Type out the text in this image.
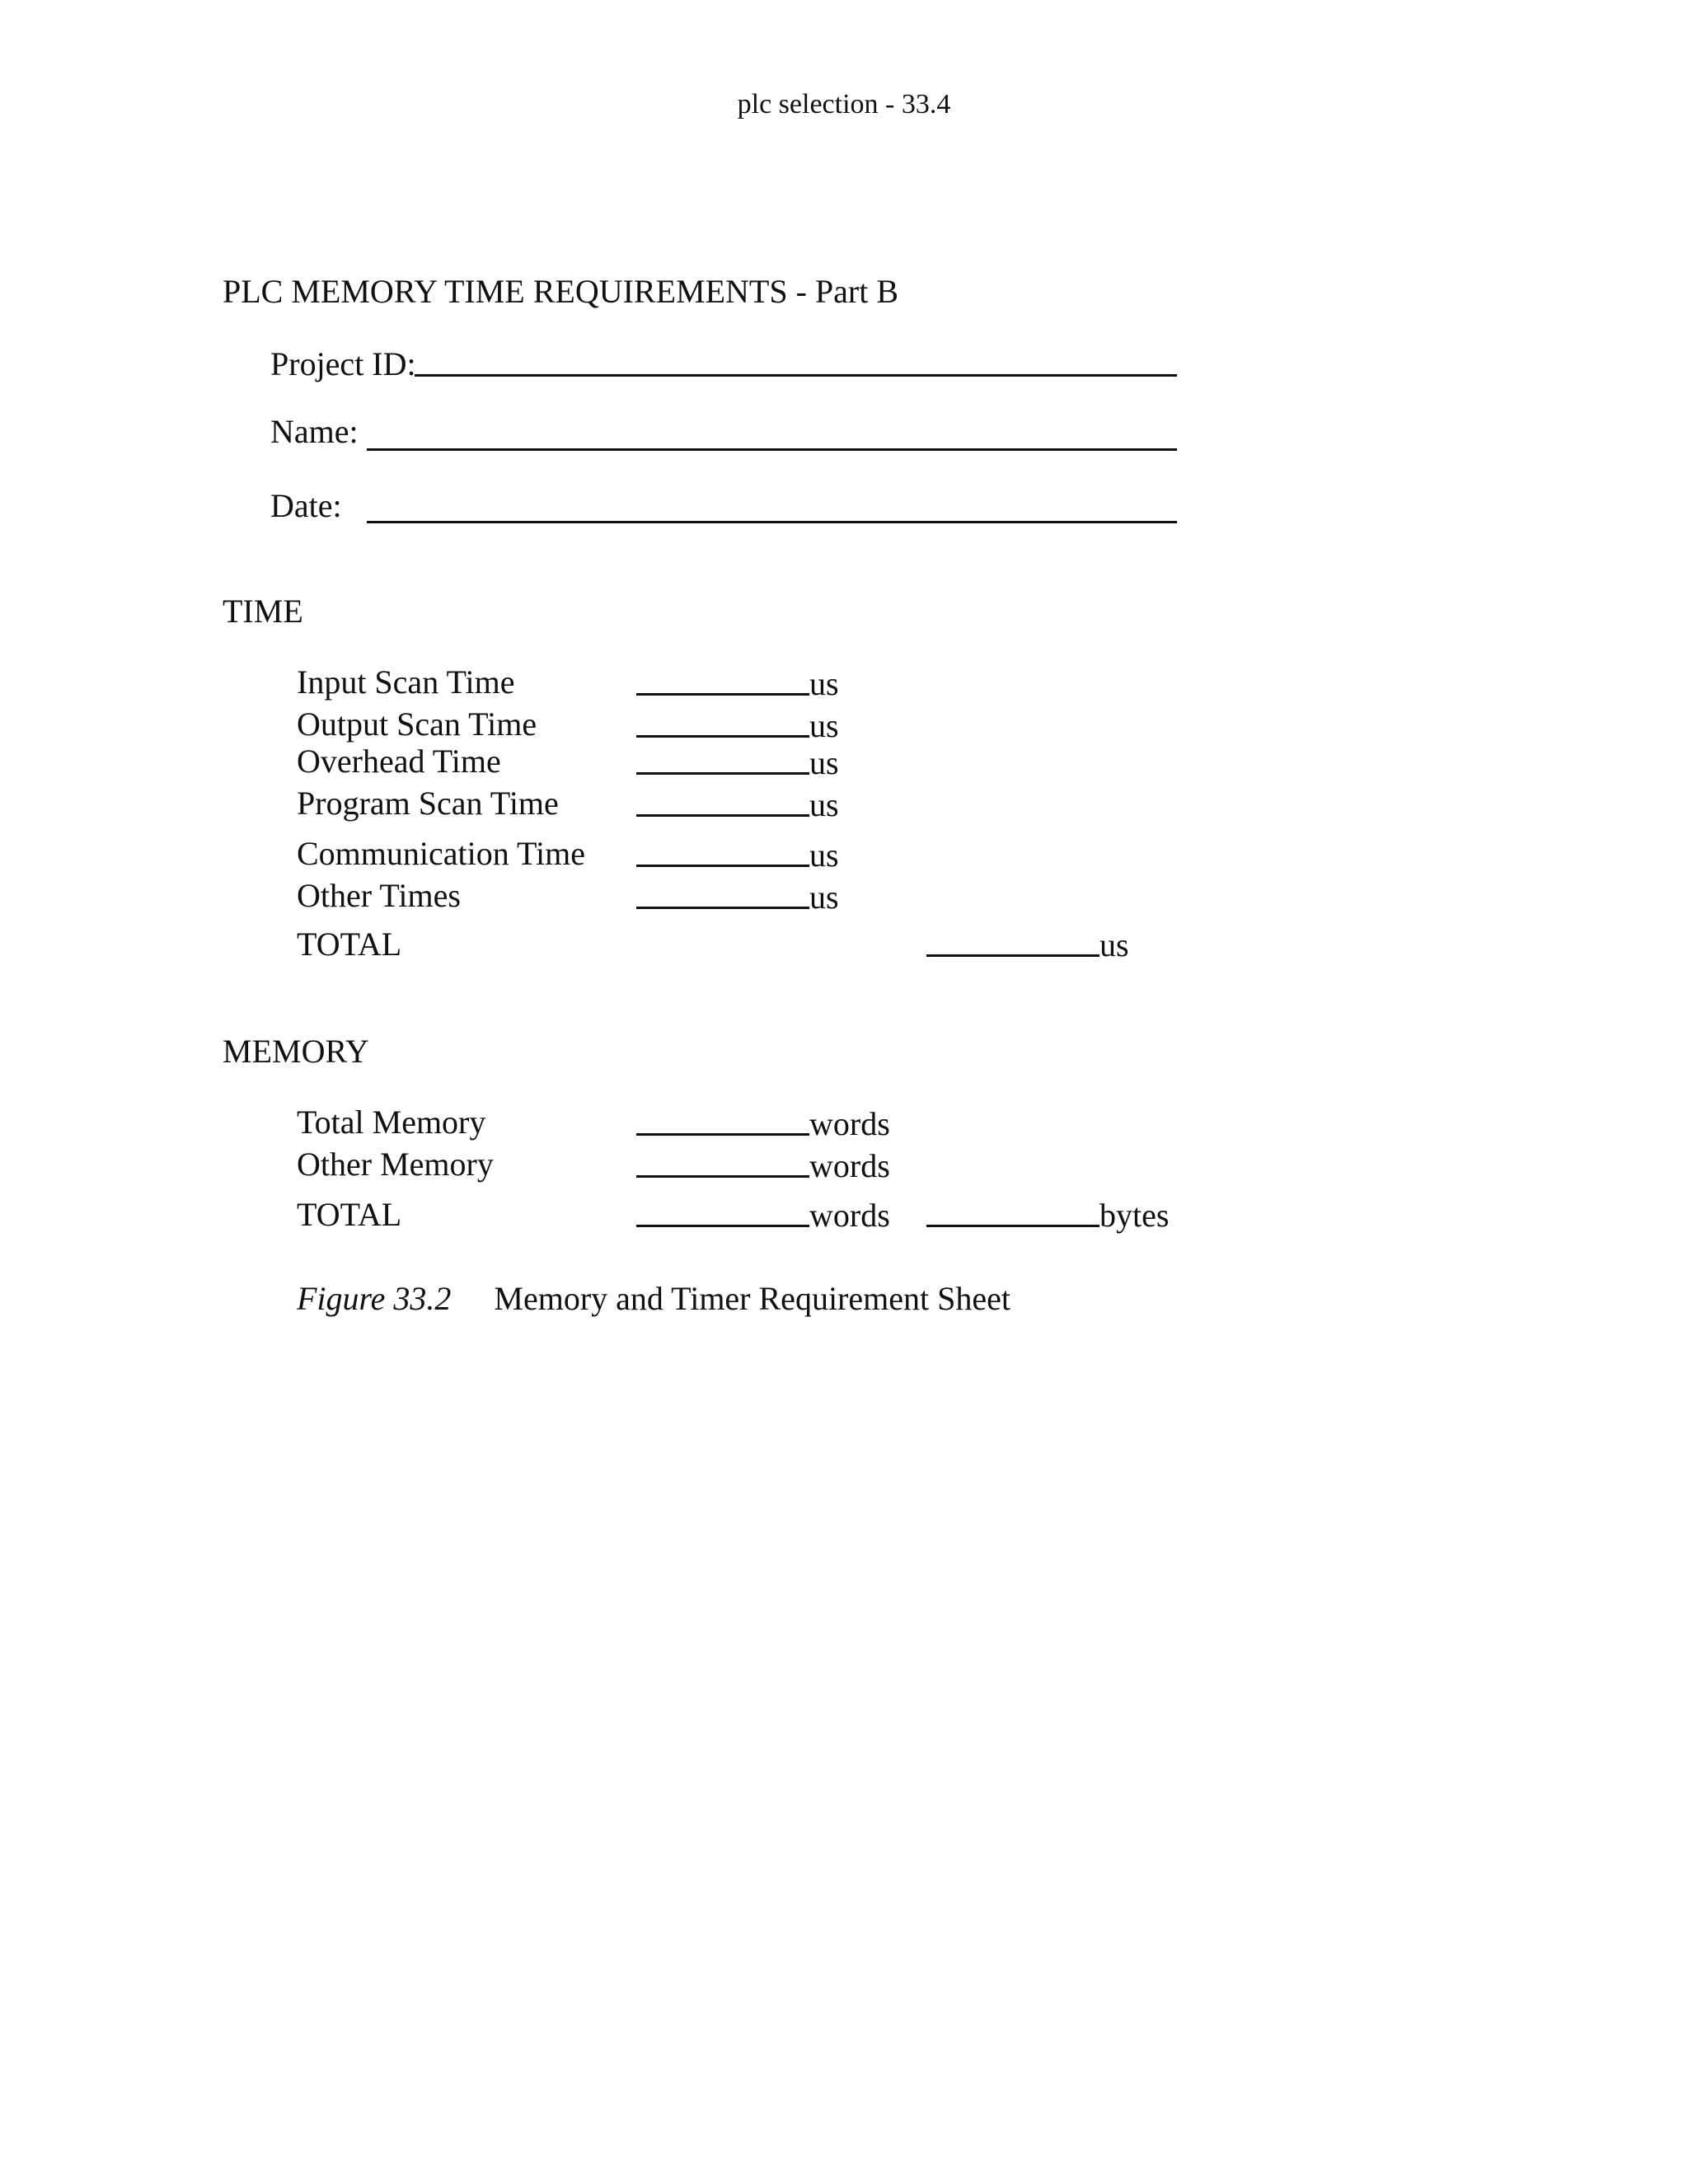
plc selection - 33.4
PLC MEMORY TIME REQUIREMENTS - Part B
Project ID:
Name:
Date:
TIME
Input Scan Time	us
Output Scan Time	us
Overhead Time	us
Program Scan Time	us
Communication Time	us
Other Times	us
TOTAL	us
MEMORY
Total Memory	words
Other Memory	words
TOTAL	words	bytes
Figure 33.2 Memory and Timer Requirement Sheet
